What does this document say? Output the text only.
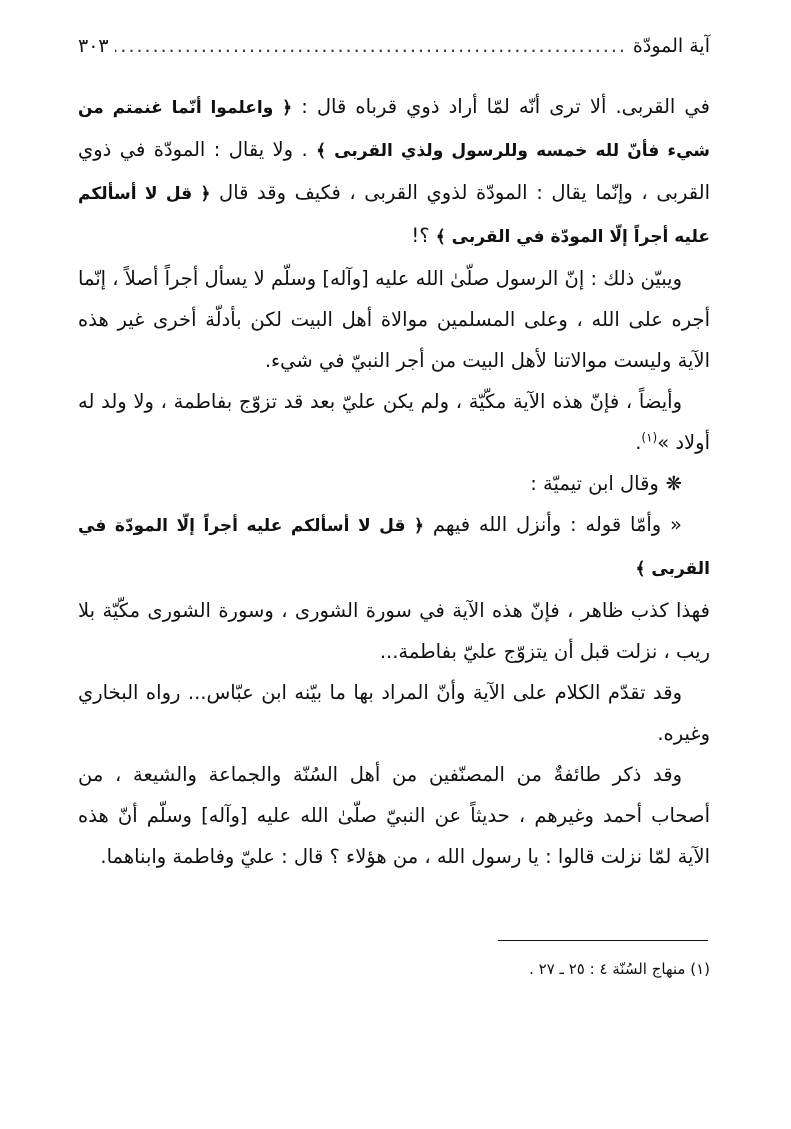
آية المودّة
.....
٣٠٣

في القربى. ألا ترى أنّه لمّا أراد ذوي قرباه قال : ﴿ واعلموا أنّما غنمتم من شيء فأنّ لله خمسه وللرسول ولذي القربى ﴾ . ولا يقال : المودّة في ذوي القربى ، وإنّما يقال : المودّة لذوي القربى ، فكيف وقد قال ﴿ قل لا أسألكم عليه أجراً إلّا المودّة في القربى ﴾ ؟!

ويبيّن ذلك : إنّ الرسول صلّىٰ الله عليه [وآله] وسلّم لا يسأل أجراً أصلاً ، إنّما أجره على الله ، وعلى المسلمين موالاة أهل البيت لكن بأدلّة أخرى غير هذه الآية وليست موالاتنا لأهل البيت من أجر النبيّ في شيء.

وأيضاً ، فإنّ هذه الآية مكّيّة ، ولم يكن عليّ بعد قد تزوّج بفاطمة ، ولا ولد له أولاد »$^{(١)}$.

❋ وقال ابن تيميّة :

« وأمّا قوله : وأنزل الله فيهم ﴿ قل لا أسألكم عليه أجراً إلّا المودّة في القربى ﴾

فهذا كذب ظاهر ، فإنّ هذه الآية في سورة الشورى ، وسورة الشورى مكّيّة بلا ريب ، نزلت قبل أن يتزوّج عليّ بفاطمة...

وقد تقدّم الكلام على الآية وأنّ المراد بها ما بيّنه ابن عبّاس... رواه البخاري وغيره.

وقد ذكر طائفةٌ من المصنّفين من أهل السُنّة والجماعة والشيعة ، من أصحاب أحمد وغيرهم ، حديثاً عن النبيّ صلّىٰ الله عليه [وآله] وسلّم أنّ هذه الآية لمّا نزلت قالوا : يا رسول الله ، من هؤلاء ؟ قال : عليّ وفاطمة وابناهما.

(١) منهاج السُنّة ٤ : ٢٥ ـ ٢٧ .
